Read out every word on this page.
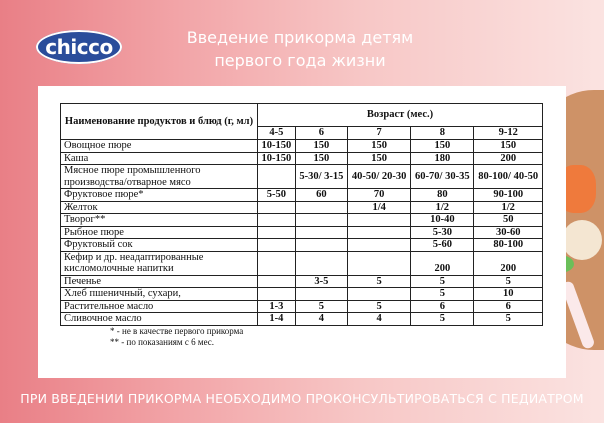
chicco	Введение прикорма детям
первого года жизни
Наименование продуктов и блюд (г, мл)	Возраст (мес.)				
	4-5	6	7	8	9-12
Овощное пюре	10-150	150	150	150	150
Каша	10-150	150	150	180	200
Мясное пюре промышленного производства/отварное мясо		5-30/ 3-15	40-50/ 20-30	60-70/ 30-35	80-100/ 40-50
Фруктовое пюре*	5-50	60	70	80	90-100
Желток			1/4	1/2	1/2
Творог**				10-40	50
Рыбное пюре				5-30	30-60
Фруктовый сок				5-60	80-100
Кефир и др. неадаптированные кисломолочные напитки				200	200
Печенье		3-5	5	5	5
Хлеб пшеничный, сухари,				5	10
Растительное масло	1-3	5	5	6	6
Сливочное масло	1-4	4	4	5	5
* - не в качестве первого прикорма
** - по показаниям с 6 мес.
ПРИ ВВЕДЕНИИ ПРИКОРМА НЕОБХОДИМО ПРОКОНСУЛЬТИРОВАТЬСЯ С ПЕДИАТРОМ
